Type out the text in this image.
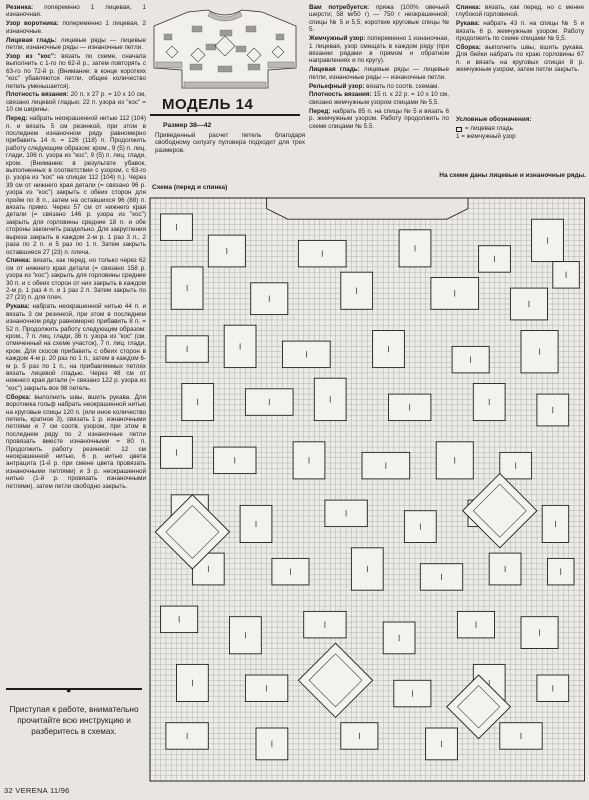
Резинка: поперемнно 1 лицевая, 1 изнаночная.

Узор воротника: попеременно 1 лицевая, 2 изнаночные.

Лицевая гладь: лицевые ряды — лицевые петли, изнаночные ряды — изнаночные петли.

Узор из "кос": вязать по схеме, сначала выполнить с 1-го по 62-й р., затем повторять с 63-го по 72-й р. (Внимание: в конце коротких "кос" убавляются петли, общее количество петель уменьшается).

Плотность вязания: 20 п. х 27 р. = 10 х 10 см, связано лицевой гладью; 22 п. узора из "кос" = 10 см ширины.

Перед: набрать неокрашенной нитью 112 (104) п. и вязать 5 см резинкой, при этом в последнем изнаночном ряду равномерно прибавить 14 п. = 126 (118) п. Продолжить работу следующим образом: кром., 9 (5) п. лиц. глади, 106 п. узора из "кос", 9 (5) п. лиц. глади, кром. (Внимание: в результате убавок, выполненных в соответствии с узором, с 63-го р. узора из "кос" на спицах 112 (104) п.). Через 39 см от нижнего края детали (= связано 96 р. узора из "кос") закрыть с обеих сторон для пройм по 8 п., затем на оставшихся 96 (88) п. вязать прямо. Через 57 см от нижнего края детали (= связано 146 р. узора из "кос") закрыть для горловины средние 18 п. и обе стороны закончить раздельно. Для закругления выреза закрыть в каждом 2-м р. 1 раз 3 п., 2 раза по 2 п. и 5 раз по 1 п. Затем закрыть оставшиеся 27 (23) п. плеча.

Спинка: вязать, как перед, но только через 62 см от нижнего края детали (= связано 158 р. узора из "кос") закрыть для горловины средние 30 п. и с обеих сторон от них закрыть в каждом 2-м р. 1 раз 4 п. и 1 раз 2 п. Затем закрыть по 27 (23) п. для плеч.

Рукава: набрать неокрашенной нитью 44 п. и вязать 3 см резинкой, при этом в последнем изнаночном ряду равномерно прибавить 8 п. = 52 п. Продолжить работу следующим образом: кром., 7 п. лиц. глади, 36 п. узора из "кос" (см. отмеченный на схеме участок), 7 п. лиц. глади, кром. Для скосов прибавить с обеих сторон в каждом 4-м р. 20 раз по 1 п., затем в каждом 6-м р. 5 раз по 1 п., на прибавляемых петлях вязать лицевой гладью. Через 48 см от нижнего края детали (= связано 122 р. узора из "кос") закрыть все 98 петель.

Сборка: выполнить швы, вшить рукава. Для воротника гольф набрать неокрашенной нитью на круговые спицы 120 п. (или иное количество петель, кратное 3), связать 1 р. изнаночными петлями и 7 см соотв. узором, при этом в последнем ряду по 2 изнаночные петли провязать вместе изнаночными = 80 п. Продолжить работу резинкой: 12 см неокрашенной нитью, 6 р. нитью цвета антрацита (1-й р. при смене цвета провязать изнаночными петлями) и 3 р. неокрашенной нитью (1-й р. провязать изнаночными петлями), затем петли свободно закрыть.

МОДЕЛЬ 14
Размер 38—42
Приведенный расчет петель благодаря свободному силуэту пуловера подходит для трех размеров.

Вам потребуется: пряжа (100% овечьей шерсти; 58 м/50 г) — 750 г неокрашенной; спицы № 5 и 5,5; короткие круговые спицы № 5.

Жемчужный узор: попеременно 1 изнаночная, 1 лицевая, узор смещать в каждом ряду (при вязании рядами в прямом и обратном направлениях и по кругу).

Лицевая гладь: лицевые ряды — лицевые петли, изнаночные ряды — изнаночные петли.

Рельефный узор: вязать по соотв. схемам.

Плотность вязания: 15 п. х 22 р. = 10 х 10 см, связано жемчужным узором спицами № 5,5.

Перед: набрать 85 п. на спицы № 5 и вязать 6 р. жемчужным узором. Работу продолжить по схеме спицами № 5,5.

Спинка: вязать, как перед, но с менее глубокой горловиной.

Рукава: набрать 43 п. на спицы № 5 и вязать 6 р. жемчужным узором. Работу продолжить по схеме спицами № 5,5.

Сборка: выполнить швы, вшить рукава. Для бейки набрать по краю горловины 67 п. и вязать на круговых спицах 8 р. жемчужным узором, затем петли закрыть.

Условные обозначения:
= лицевая гладь
1 = жемчужный узор
На схеме даны лицевые и изнаночные ряды.
Схема (перед и спинка)
●
Приступая к работе, внимательно прочитайте всю инструкцию и разберитесь в схемах.
32 VERENA 11/96
